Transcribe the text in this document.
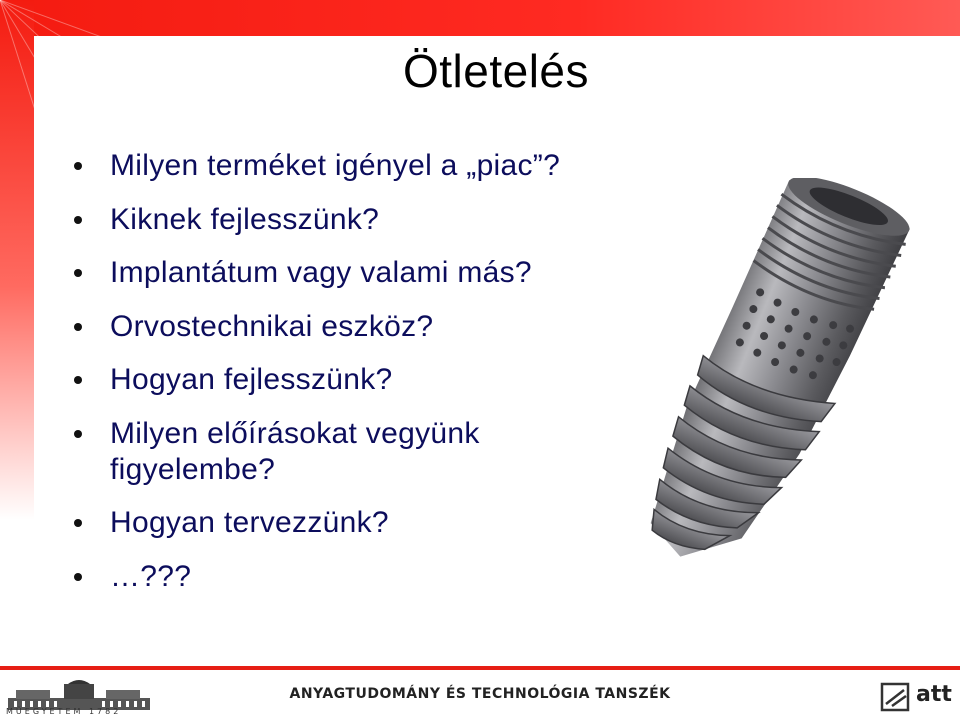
Ötletelés
Milyen terméket igényel a „piac”?
Kiknek fejlesszünk?
Implantátum vagy valami más?
Orvostechnikai eszköz?
Hogyan fejlesszünk?
Milyen előírásokat vegyünk figyelembe?
Hogyan tervezzünk?
…???
MŰEGYETEM 1782
ANYAGTUDOMÁNY ÉS TECHNOLÓGIA TANSZÉK	att
